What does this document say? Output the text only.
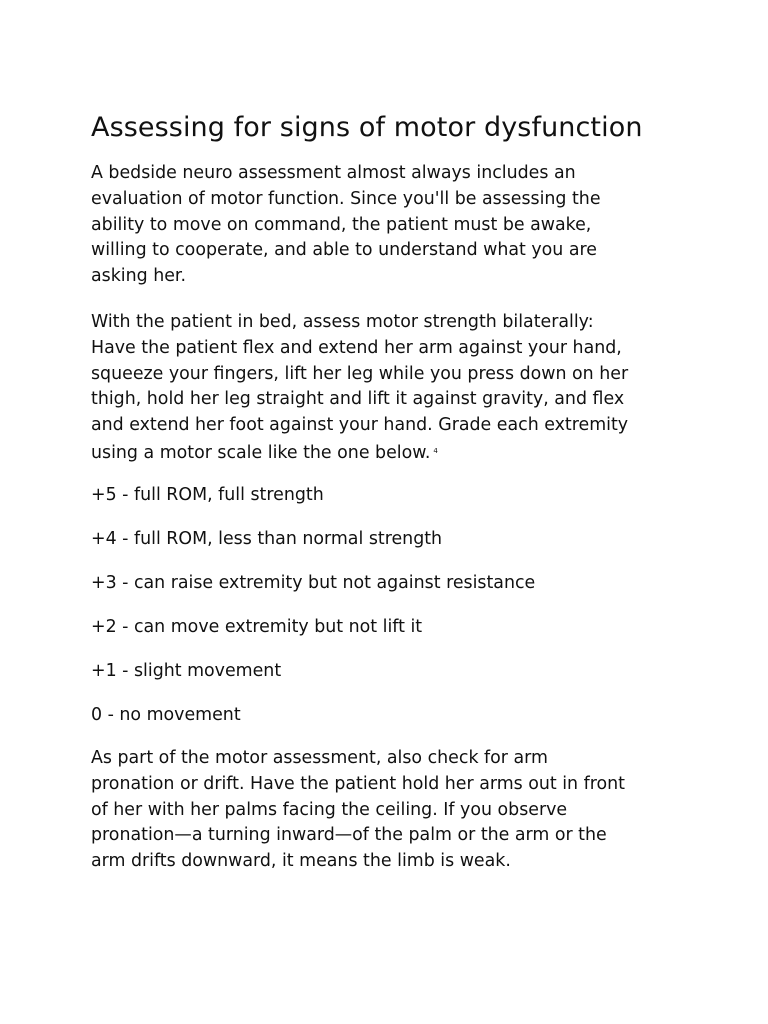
Assessing for signs of motor dysfunction

A bedside neuro assessment almost always includes an
evaluation of motor function. Since you'll be assessing the
ability to move on command, the patient must be awake,
willing to cooperate, and able to understand what you are
asking her.

With the patient in bed, assess motor strength bilaterally:
Have the patient flex and extend her arm against your hand,
squeeze your fingers, lift her leg while you press down on her
thigh, hold her leg straight and lift it against gravity, and flex
and extend her foot against your hand. Grade each extremity
using a motor scale like the one below. $^4$

+5 - full ROM, full strength

+4 - full ROM, less than normal strength

+3 - can raise extremity but not against resistance

+2 - can move extremity but not lift it

+1 - slight movement

0 - no movement

As part of the motor assessment, also check for arm
pronation or drift. Have the patient hold her arms out in front
of her with her palms facing the ceiling. If you observe
pronation—a turning inward—of the palm or the arm or the
arm drifts downward, it means the limb is weak.
